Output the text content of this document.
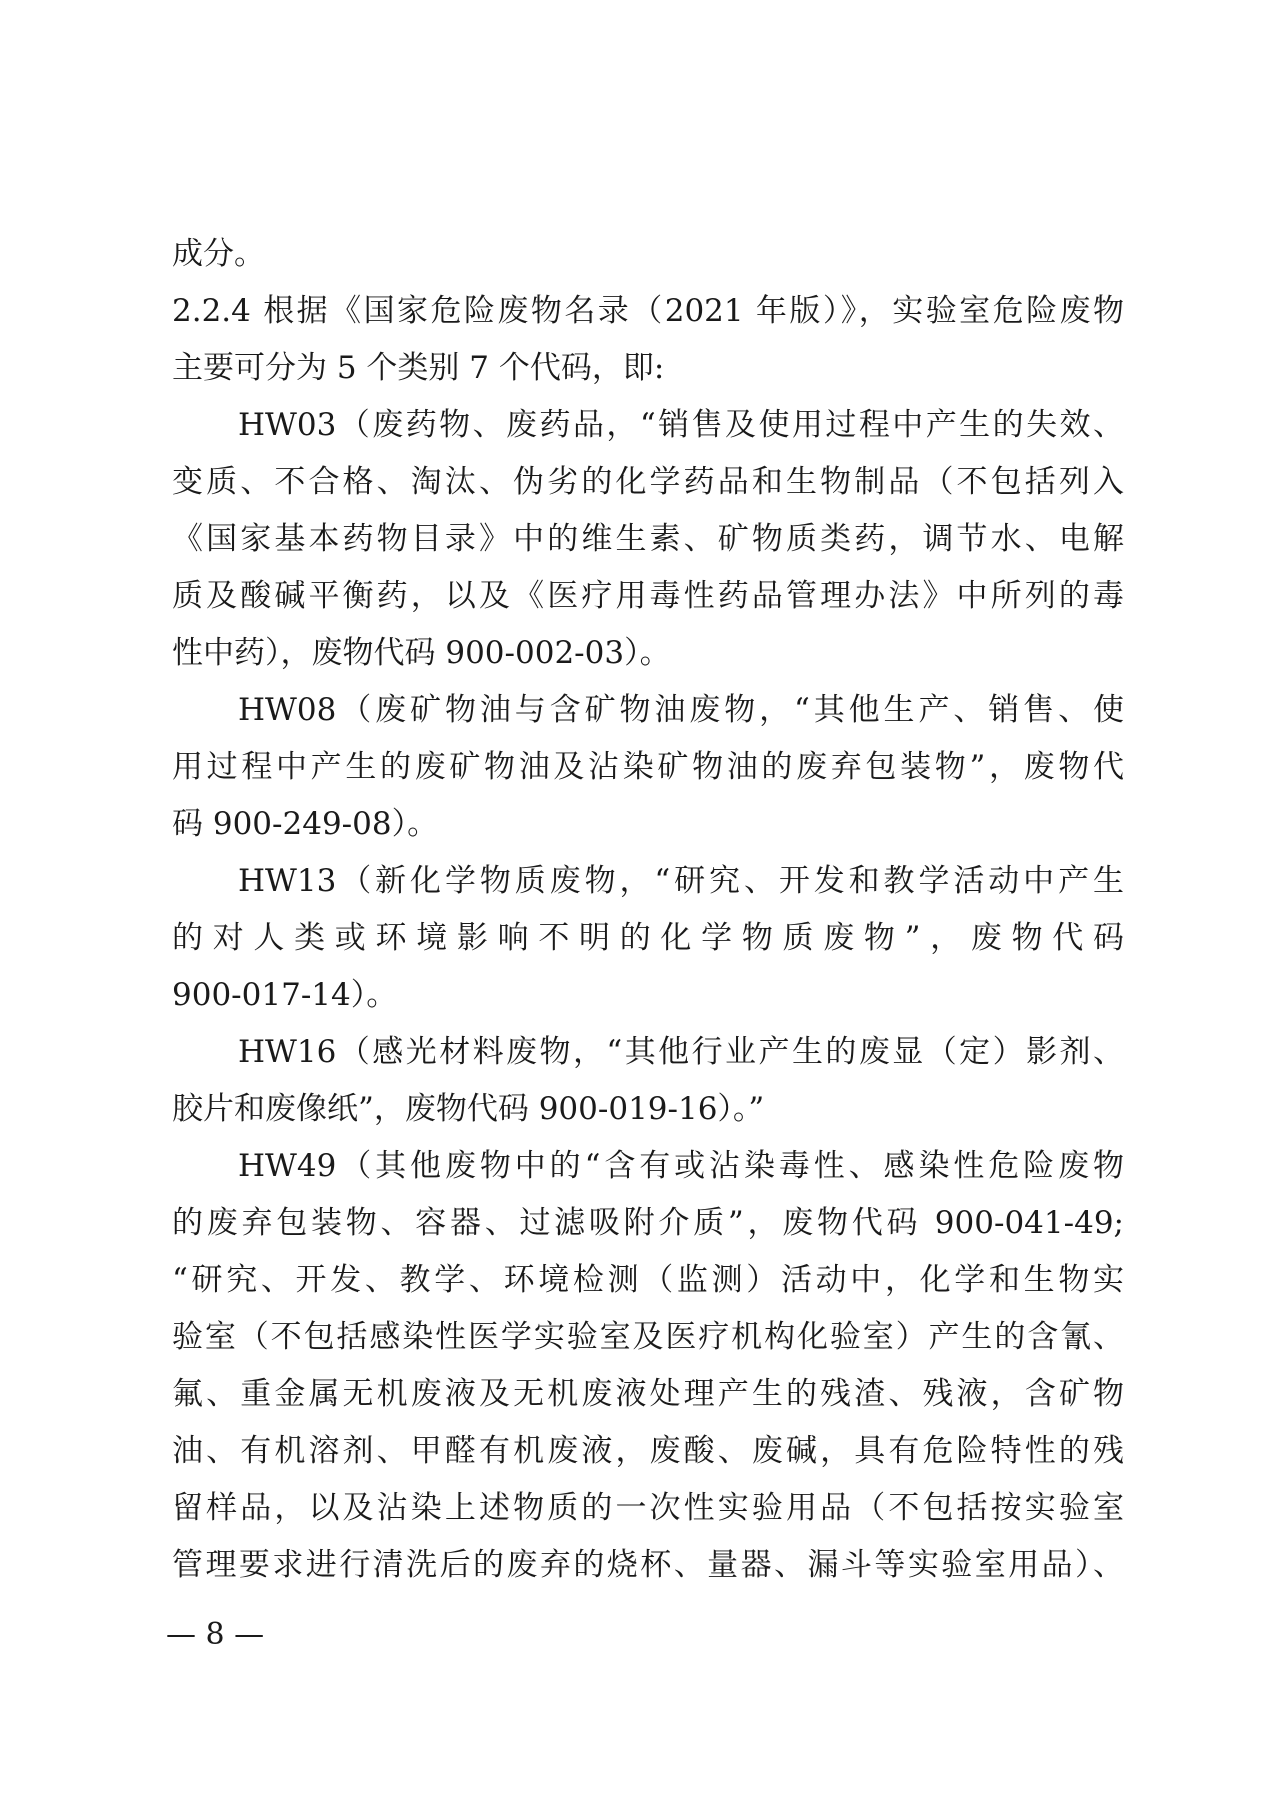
成分。
2.2.4 根据《国家危险废物名录（2021 年版）》，实验室危险废物
主要可分为 5 个类别 7 个代码，即:
HW03（废药物、废药品，“销售及使用过程中产生的失效、
变质、不合格、淘汰、伪劣的化学药品和生物制品（不包括列入
《国家基本药物目录》中的维生素、矿物质类药，调节水、电解
质及酸碱平衡药，以及《医疗用毒性药品管理办法》中所列的毒
性中药），废物代码 900-002-03）。
HW08（废矿物油与含矿物油废物，“其他生产、销售、使
用过程中产生的废矿物油及沾染矿物油的废弃包装物”，废物代
码 900-249-08）。
HW13（新化学物质废物，“研究、开发和教学活动中产生
的对人类或环境影响不明的化学物质废物”，废物代码
900-017-14）。
HW16（感光材料废物，“其他行业产生的废显（定）影剂、
胶片和废像纸”，废物代码 900-019-16）。”
HW49（其他废物中的“含有或沾染毒性、感染性危险废物
的废弃包装物、容器、过滤吸附介质”，废物代码 900-041-49;
“研究、开发、教学、环境检测（监测）活动中，化学和生物实
验室（不包括感染性医学实验室及医疗机构化验室）产生的含氰、
氟、重金属无机废液及无机废液处理产生的残渣、残液，含矿物
油、有机溶剂、甲醛有机废液，废酸、废碱，具有危险特性的残
留样品，以及沾染上述物质的一次性实验用品（不包括按实验室
管理要求进行清洗后的废弃的烧杯、量器、漏斗等实验室用品）、
— 8 —
